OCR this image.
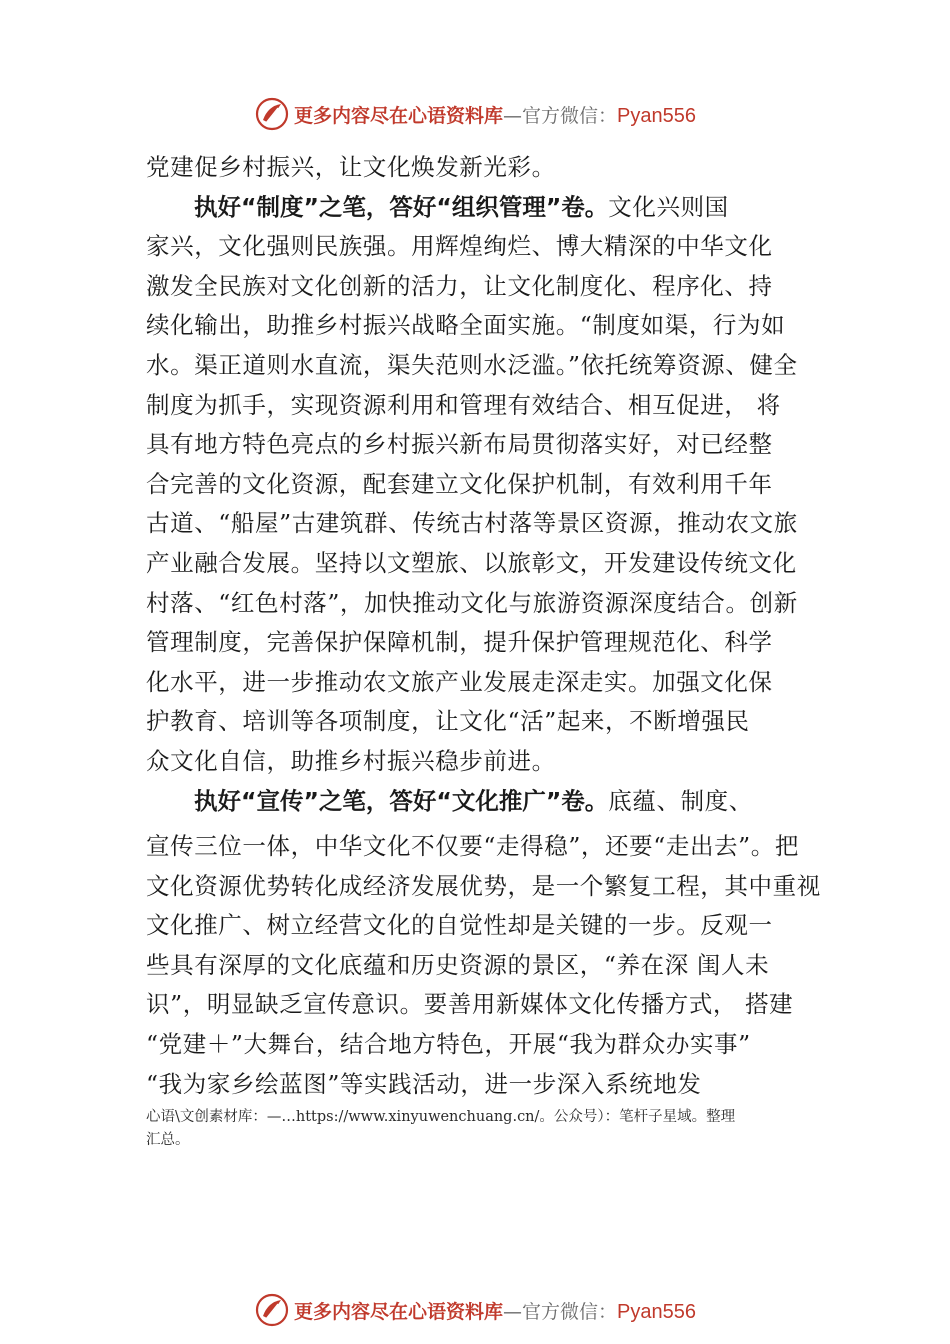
更多内容尽在心语资料库—官方微信：Pyan556
党建促乡村振兴，让文化焕发新光彩。
执好“制度”之笔，答好“组织管理”卷。文化兴则国
家兴，文化强则民族强。用辉煌绚烂、博大精深的中华文化
激发全民族对文化创新的活力，让文化制度化、程序化、持
续化输出，助推乡村振兴战略全面实施。“制度如渠，行为如
水。渠正道则水直流，渠失范则水泛滥。”依托统筹资源、健全
制度为抓手，实现资源利用和管理有效结合、相互促进， 将
具有地方特色亮点的乡村振兴新布局贯彻落实好，对已经整
合完善的文化资源，配套建立文化保护机制，有效利用千年
古道、“船屋”古建筑群、传统古村落等景区资源，推动农文旅
产业融合发展。坚持以文塑旅、以旅彰文，开发建设传统文化
村落、“红色村落”，加快推动文化与旅游资源深度结合。创新
管理制度，完善保护保障机制，提升保护管理规范化、科学
化水平，进一步推动农文旅产业发展走深走实。加强文化保
护教育、培训等各项制度，让文化“活”起来，不断增强民
众文化自信，助推乡村振兴稳步前进。
执好“宣传”之笔，答好“文化推广”卷。底蕴、制度、
宣传三位一体，中华文化不仅要“走得稳”，还要“走出去”。把
文化资源优势转化成经济发展优势，是一个繁复工程，其中重视
文化推广、树立经营文化的自觉性却是关键的一步。反观一
些具有深厚的文化底蕴和历史资源的景区，“养在深 闺人未
识”，明显缺乏宣传意识。要善用新媒体文化传播方式， 搭建
“党建＋”大舞台，结合地方特色，开展“我为群众办实事”
“我为家乡绘蓝图”等实践活动，进一步深入系统地发
心语\文创素材库：—…https://www.xinyuwenchuang.cn/。公众号）：笔杆子星域。整理
汇总。
更多内容尽在心语资料库—官方微信：Pyan556
